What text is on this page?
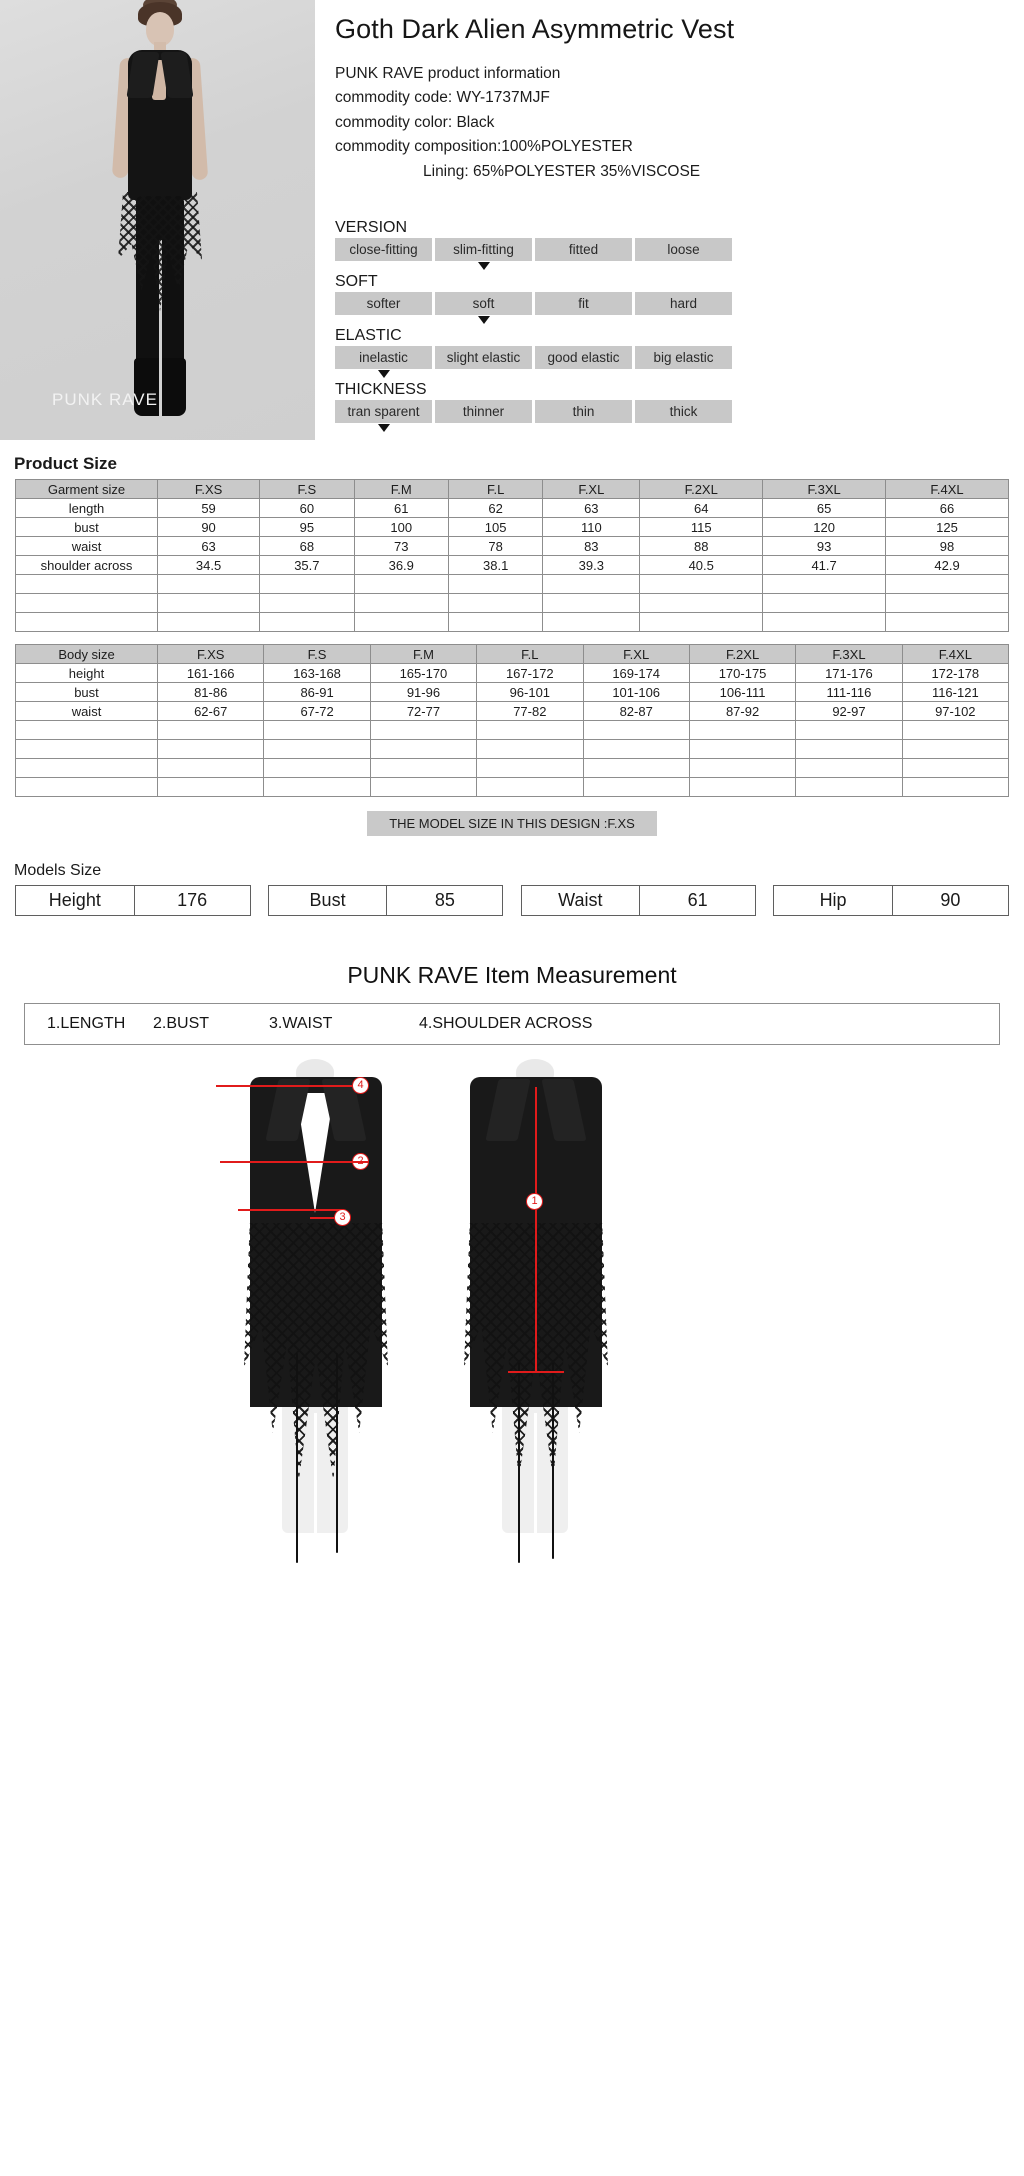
PUNK RAVE
Goth Dark Alien Asymmetric Vest
PUNK RAVE product information
commodity code: WY-1737MJF
commodity color: Black
commodity composition:100%POLYESTER
Lining: 65%POLYESTER 35%VISCOSE
VERSION
close-fitting	slim-fitting	fitted	loose
SOFT
softer	soft	fit	hard
ELASTIC
inelastic	slight elastic	good elastic	big elastic
THICKNESS
tran sparent	thinner	thin	thick
Product Size
Garment size	F.XS	F.S	F.M	F.L	F.XL	F.2XL	F.3XL	F.4XL
length	59	60	61	62	63	64	65	66
bust	90	95	100	105	110	115	120	125
waist	63	68	73	78	83	88	93	98
shoulder across	34.5	35.7	36.9	38.1	39.3	40.5	41.7	42.9

Body size	F.XS	F.S	F.M	F.L	F.XL	F.2XL	F.3XL	F.4XL
height	161-166	163-168	165-170	167-172	169-174	170-175	171-176	172-178
bust	81-86	86-91	91-96	96-101	101-106	106-111	111-116	116-121
waist	62-67	67-72	72-77	77-82	82-87	87-92	92-97	97-102

THE MODEL SIZE IN THIS DESIGN :F.XS
Models Size
Height	176		Bust	85		Waist	61		Hip	90
PUNK RAVE Item Measurement
1.LENGTH	2.BUST	3.WAIST	4.SHOULDER ACROSS
4
3
1
